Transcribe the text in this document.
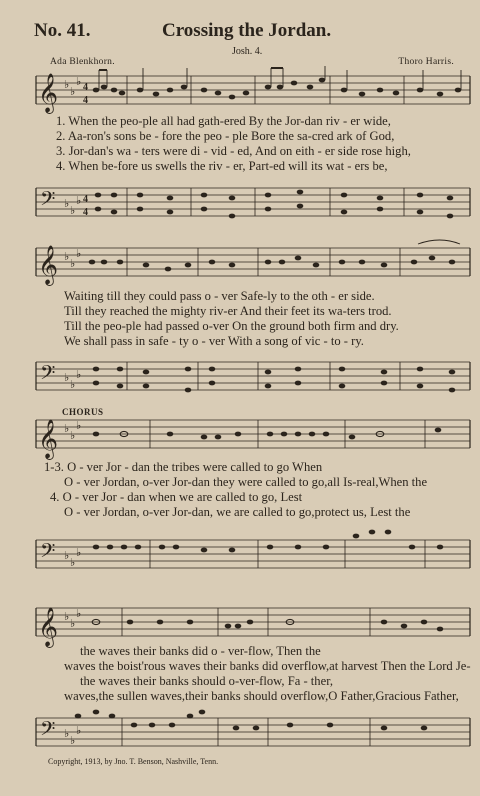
No. 41.	Crossing the Jordan.
Josh. 4.
Ada Blenkhorn.	Thoro Harris.
𝄞 ♭
♭
♭ 4
4
1. When the peo-ple all had gath-ered By the Jor-dan riv - er wide,
2. Aa-ron's sons be - fore the peo - ple Bore the sa-cred ark of God,
3. Jor-dan's wa - ters were di - vid - ed, And on eith - er side rose high,
4. When be-fore us swells the riv - er, Part-ed will its wat - ers be,
𝄢 ♭
♭
♭ 4
4
𝄞 ♭
♭
♭
Waiting till they could pass o - ver Safe-ly to the oth - er side.
Till they reached the mighty riv-er And their feet its wa-ters trod.
Till the peo-ple had passed o-ver On the ground both firm and dry.
We shall pass in safe - ty o - ver With a song of vic - to - ry.
𝄢 ♭
♭
♭
CHORUS
𝄞 ♭
♭
♭
1-3. O - ver Jor - dan the tribes were called to go When
O - ver Jordan, o-ver Jor-dan they were called to go,all Is-real,When the
4. O - ver Jor - dan when we are called to go, Lest
O - ver Jordan, o-ver Jor-dan, we are called to go,protect us, Lest the
𝄢 ♭
♭
♭
𝄞 ♭
♭
♭
the waves their banks did o - ver-flow, Then the
waves the boist'rous waves their banks did overflow,at harvest Then the Lord Je-
the waves their banks should o-ver-flow, Fa - ther,
waves,the sullen waves,their banks should overflow,O Father,Gracious Father,
𝄢 ♭
♭
♭
Copyright, 1913, by Jno. T. Benson, Nashville, Tenn.
